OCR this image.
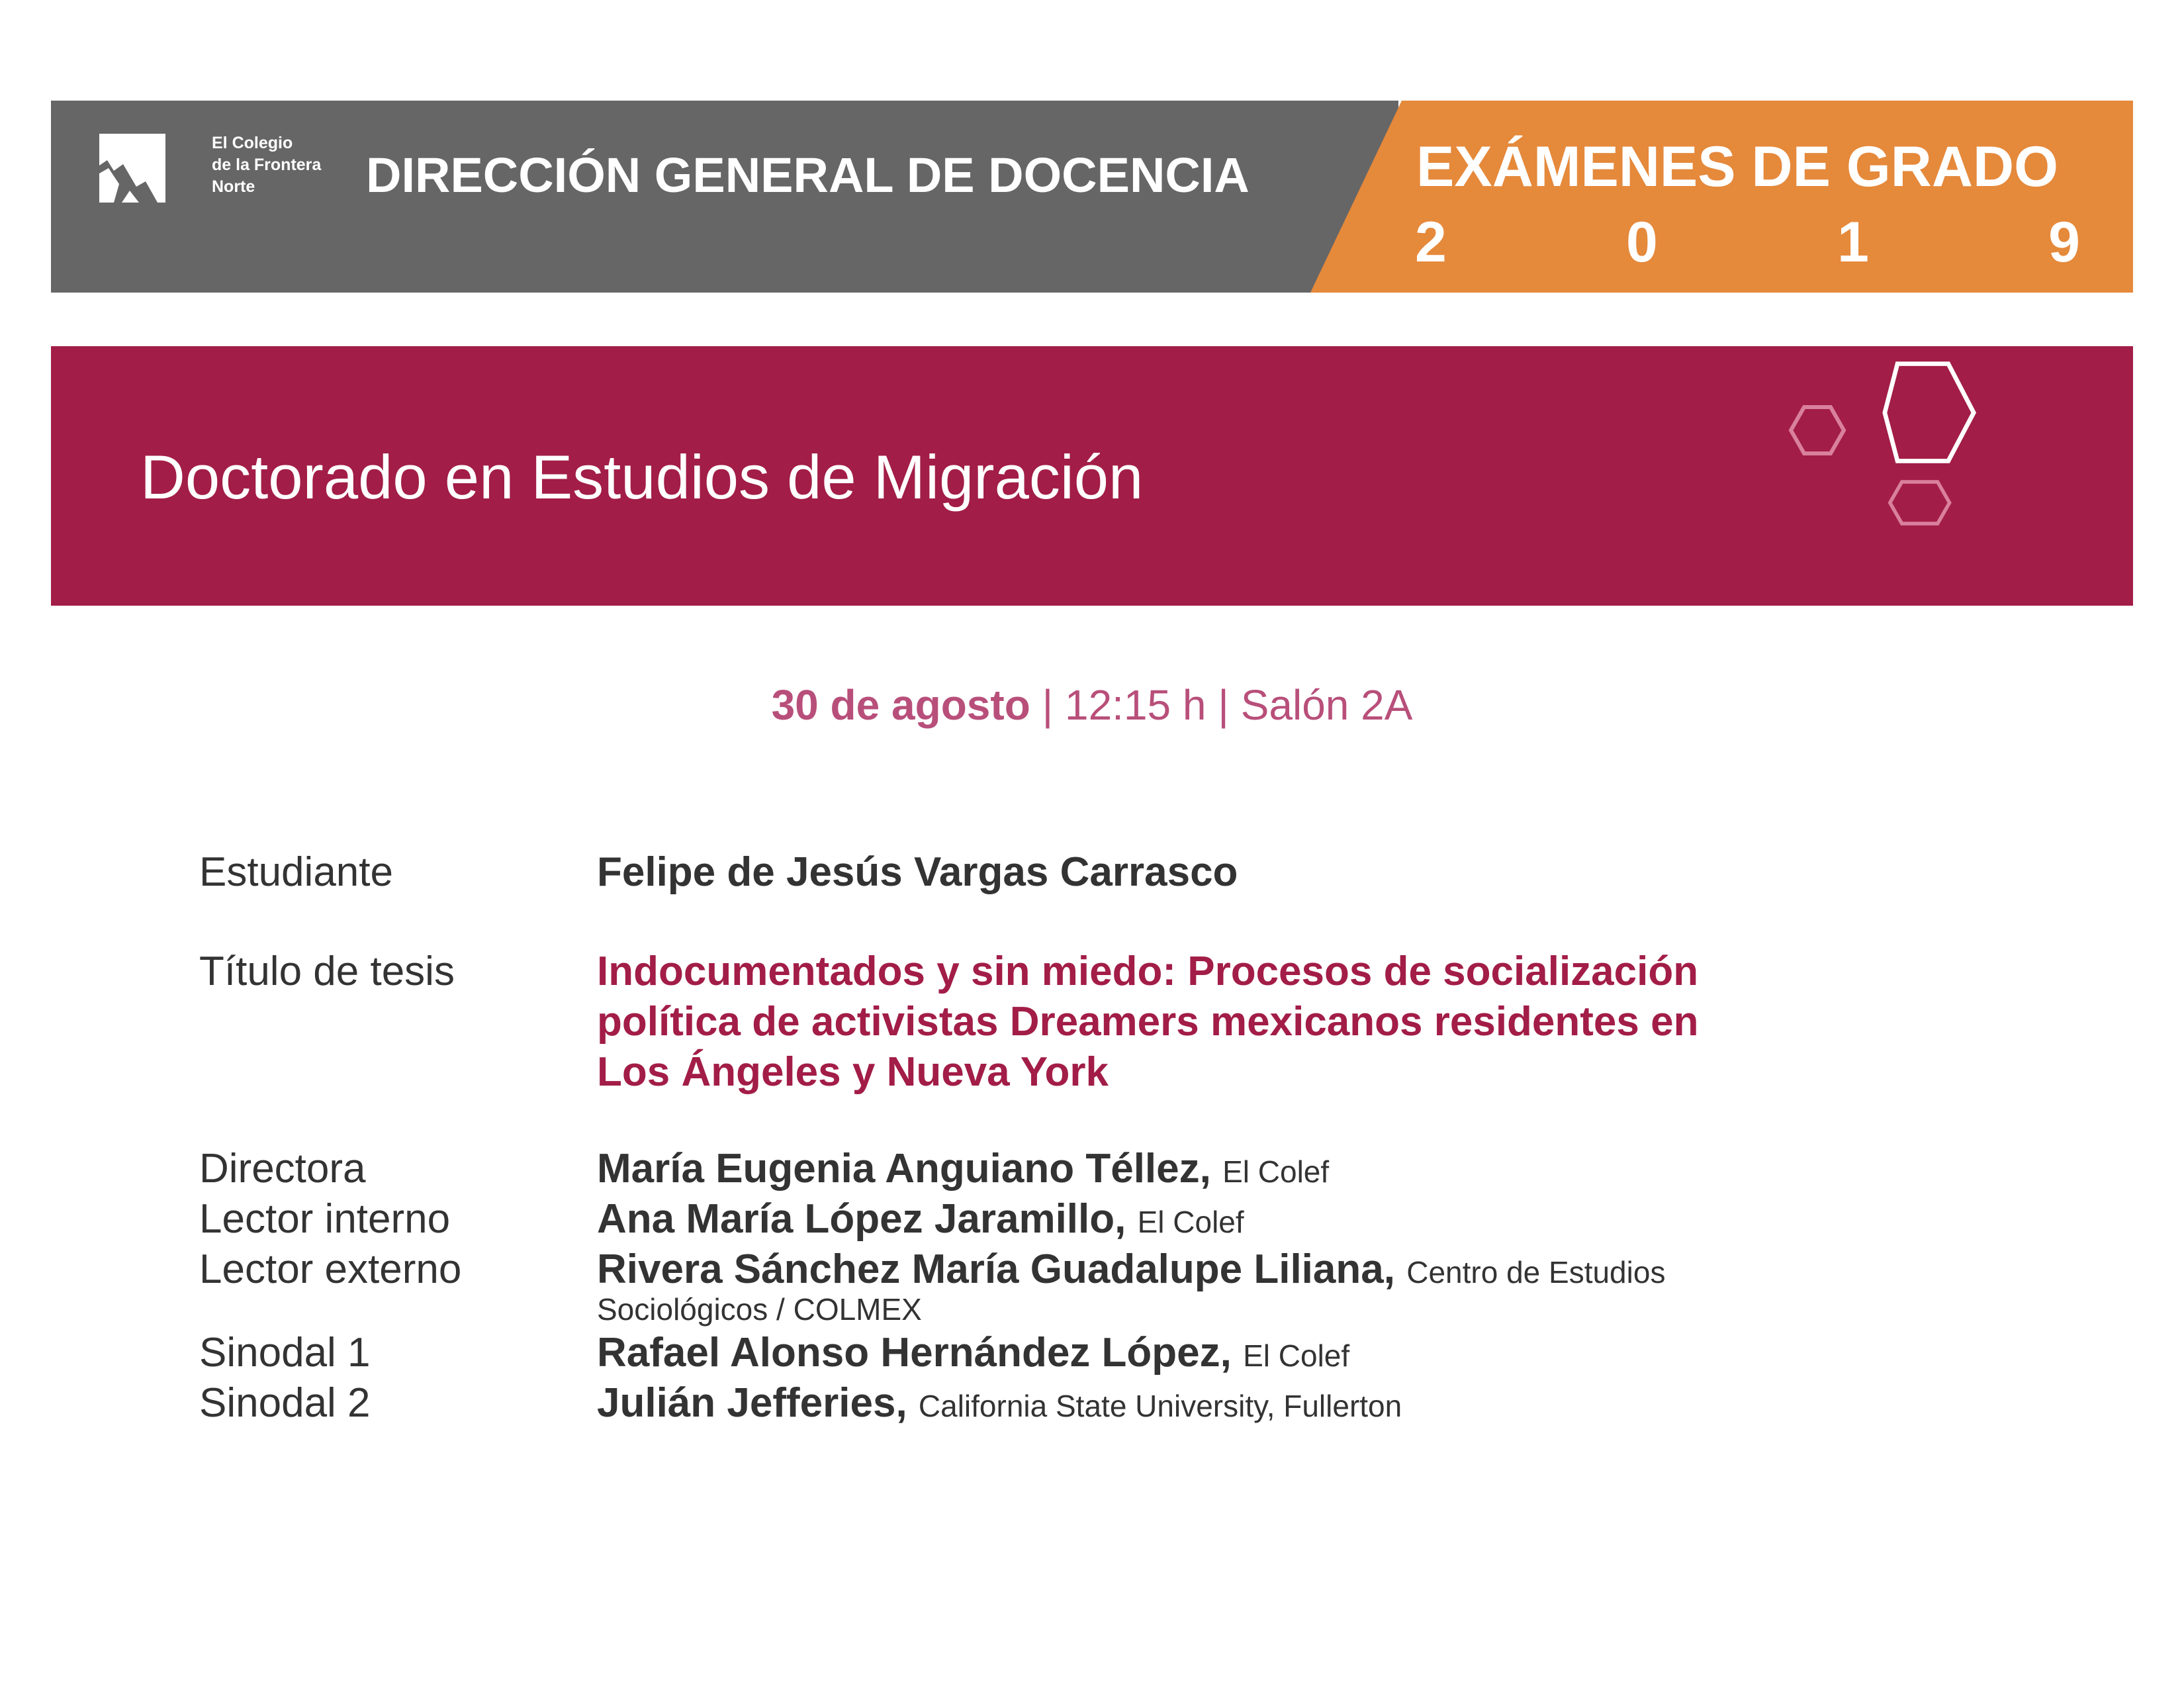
El Colegio
de la Frontera
Norte	DIRECCIÓN GENERAL DE DOCENCIA	EXÁMENES DE GRADO
2	0	1	9
Doctorado en Estudios de Migración
30 de agosto | 12:15 h | Salón 2A
Estudiante	Felipe de Jesús Vargas Carrasco
Título de tesis	Indocumentados y sin miedo: Procesos de socialización
política de activistas Dreamers mexicanos residentes en
Los Ángeles y Nueva York
Directora	María Eugenia Anguiano Téllez, El Colef
Lector interno	Ana María López Jaramillo, El Colef
Lector externo	Rivera Sánchez María Guadalupe Liliana, Centro de Estudios
Sociológicos / COLMEX
Sinodal 1	Rafael Alonso Hernández López, El Colef
Sinodal 2	Julián Jefferies, California State University, Fullerton
